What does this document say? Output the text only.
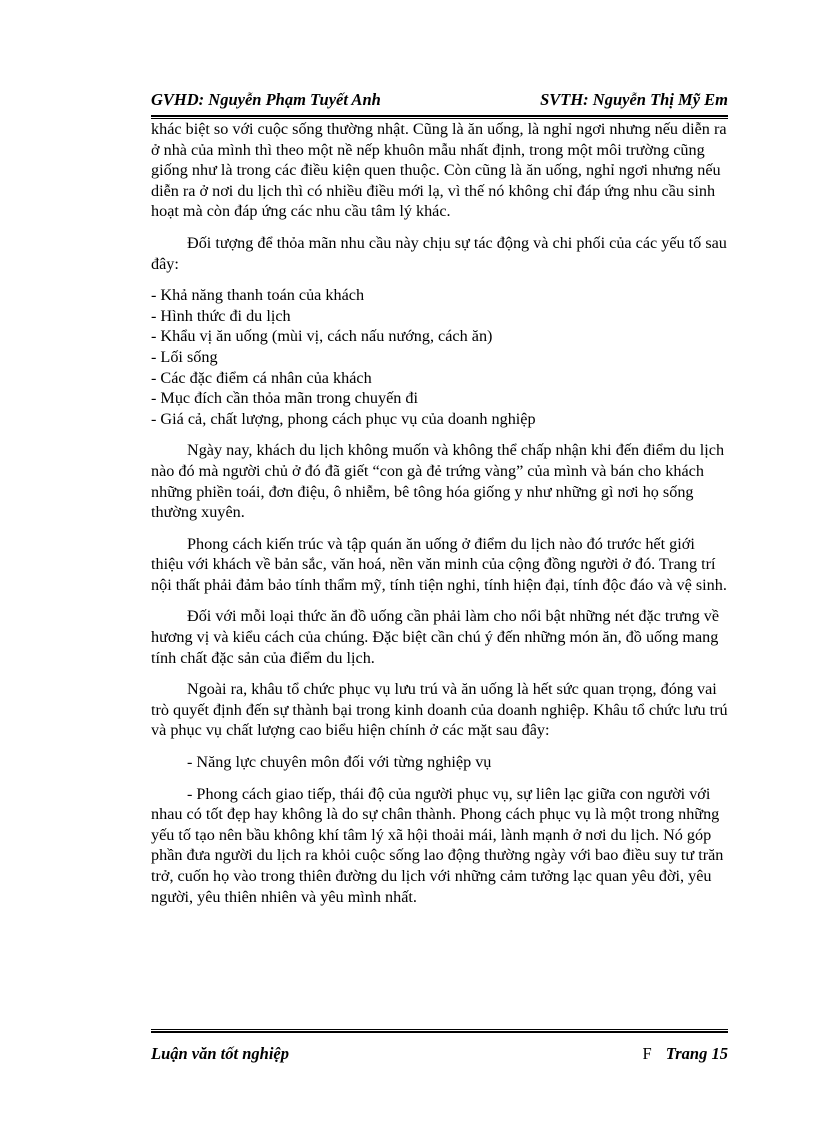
GVHD: Nguyễn Phạm Tuyết Anh	SVTH: Nguyễn Thị Mỹ Em

khác biệt so với cuộc sống thường nhật. Cũng là ăn uống, là nghỉ ngơi nhưng nếu diễn ra ở nhà của mình thì theo một nề nếp khuôn mẫu nhất định, trong một môi trường cũng giống như là trong các điều kiện quen thuộc. Còn cũng là ăn uống, nghỉ ngơi nhưng nếu diễn ra ở nơi du lịch thì có nhiều điều mới lạ, vì thế nó không chỉ đáp ứng nhu cầu sinh hoạt mà còn đáp ứng các nhu cầu tâm lý khác.

Đối tượng để thỏa mãn nhu cầu này chịu sự tác động và chi phối của các yếu tố sau đây:

- Khả năng thanh toán của khách
- Hình thức đi du lịch
- Khẩu vị ăn uống (mùi vị, cách nấu nướng, cách ăn)
- Lối sống
- Các đặc điểm cá nhân của khách
- Mục đích cần thỏa mãn trong chuyến đi
- Giá cả, chất lượng, phong cách phục vụ của doanh nghiệp

Ngày nay, khách du lịch không muốn và không thể chấp nhận khi đến điểm du lịch nào đó mà người chủ ở đó đã giết “con gà đẻ trứng vàng” của mình và bán cho khách những phiền toái, đơn điệu, ô nhiễm, bê tông hóa giống y như những gì nơi họ sống thường xuyên.

Phong cách kiến trúc và tập quán ăn uống ở điểm du lịch nào đó trước hết giới thiệu với khách về bản sắc, văn hoá, nền văn minh của cộng đồng người ở đó. Trang trí nội thất phải đảm bảo tính thẩm mỹ, tính tiện nghi, tính hiện đại, tính độc đáo và vệ sinh.

Đối với mỗi loại thức ăn đồ uống cần phải làm cho nổi bật những nét đặc trưng về hương vị và kiểu cách của chúng. Đặc biệt cần chú ý đến những món ăn, đồ uống mang tính chất đặc sản của điểm du lịch.

Ngoài ra, khâu tổ chức phục vụ lưu trú và ăn uống là hết sức quan trọng, đóng vai trò quyết định đến sự thành bại trong kinh doanh của doanh nghiệp. Khâu tổ chức lưu trú và phục vụ chất lượng cao biểu hiện chính ở các mặt sau đây:

- Năng lực chuyên môn đối với từng nghiệp vụ

- Phong cách giao tiếp, thái độ của người phục vụ, sự liên lạc giữa con người với nhau có tốt đẹp hay không là do sự chân thành. Phong cách phục vụ là một trong những yếu tố tạo nên bầu không khí tâm lý xã hội thoải mái, lành mạnh ở nơi du lịch. Nó góp phần đưa người du lịch ra khỏi cuộc sống lao động thường ngày với bao điều suy tư trăn trở, cuốn họ vào trong thiên đường du lịch với những cảm tưởng lạc quan yêu đời, yêu người, yêu thiên nhiên và yêu mình nhất.

Luận văn tốt nghiệp	F Trang 15
